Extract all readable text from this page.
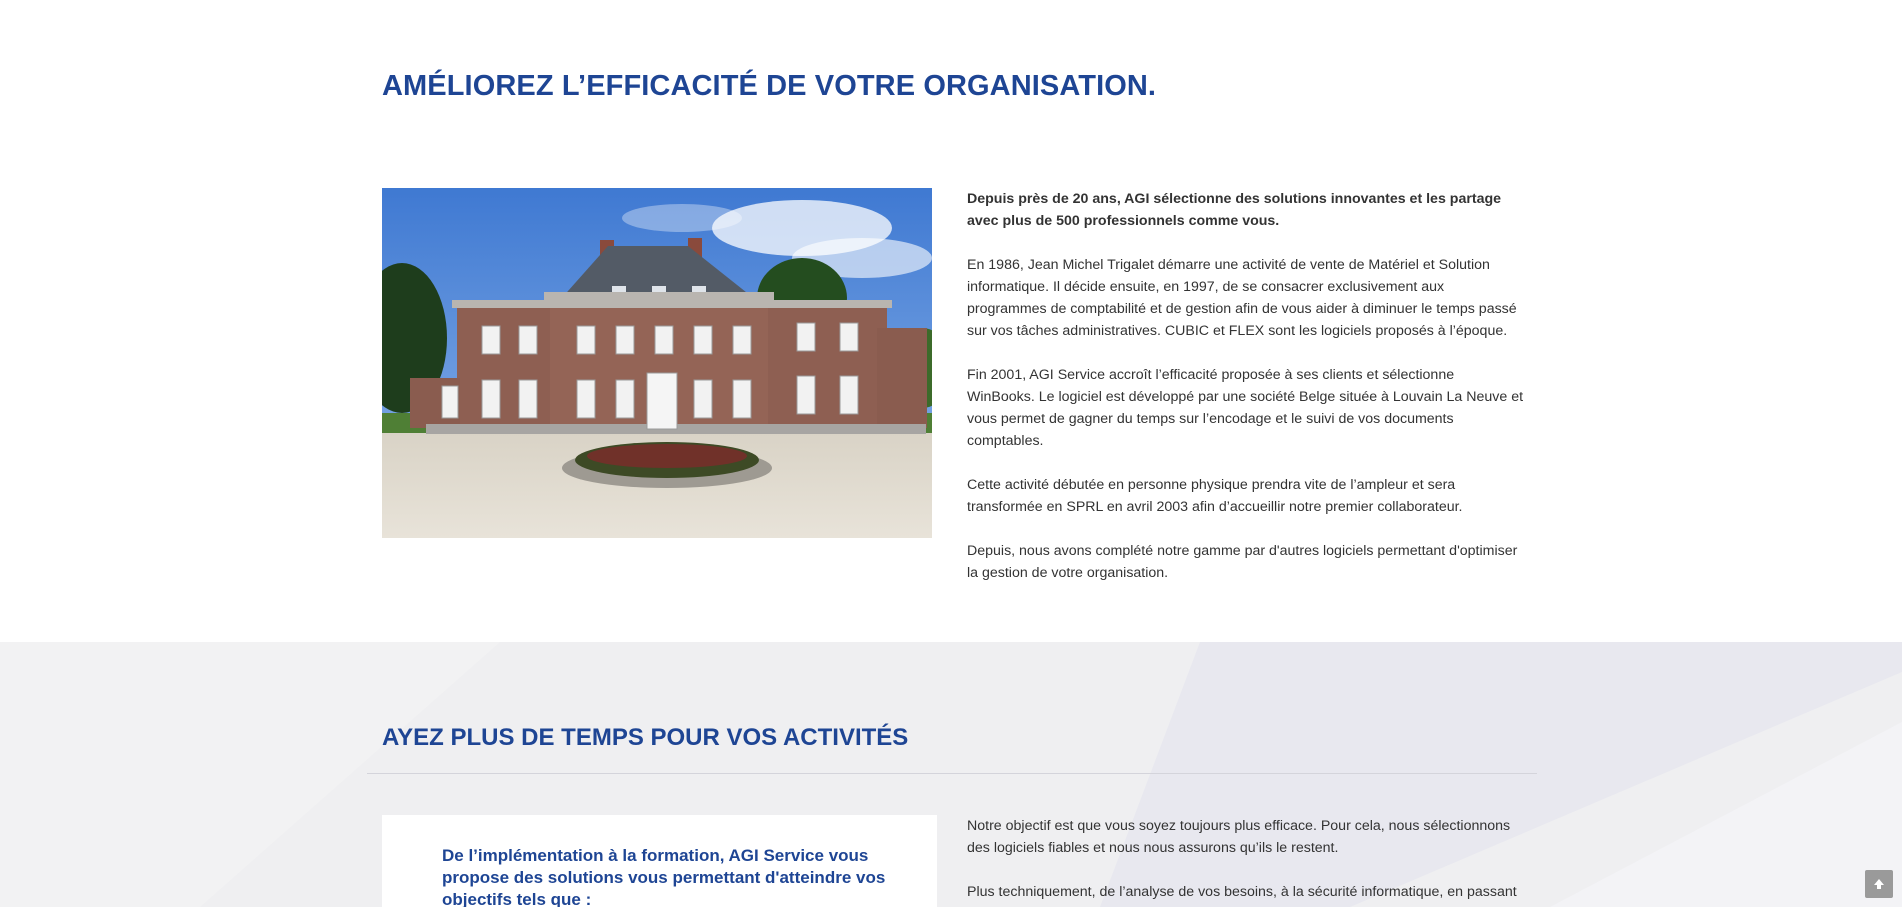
AMÉLIOREZ L’EFFICACITÉ DE VOTRE ORGANISATION.

Depuis près de 20 ans, AGI sélectionne des solutions innovantes et les partage avec plus de 500 professionnels comme vous.

En 1986, Jean Michel Trigalet démarre une activité de vente de Matériel et Solution informatique. Il décide ensuite, en 1997, de se consacrer exclusivement aux programmes de comptabilité et de gestion afin de vous aider à diminuer le temps passé sur vos tâches administratives. CUBIC et FLEX sont les logiciels proposés à l’époque.

Fin 2001, AGI Service accroît l’efficacité proposée à ses clients et sélectionne WinBooks. Le logiciel est développé par une société Belge située à Louvain La Neuve et vous permet de gagner du temps sur l’encodage et le suivi de vos documents comptables.

Cette activité débutée en personne physique prendra vite de l’ampleur et sera transformée en SPRL en avril 2003 afin d’accueillir notre premier collaborateur.

Depuis, nous avons complété notre gamme par d'autres logiciels permettant d'optimiser la gestion de votre organisation.

AYEZ PLUS DE TEMPS POUR VOS ACTIVITÉS

De l’implémentation à la formation, AGI Service vous propose des solutions vous permettant d'atteindre vos objectifs tels que :

Notre objectif est que vous soyez toujours plus efficace. Pour cela, nous sélectionnons des logiciels fiables et nous nous assurons qu’ils le restent.

Plus techniquement, de l’analyse de vos besoins, à la sécurité informatique, en passant
